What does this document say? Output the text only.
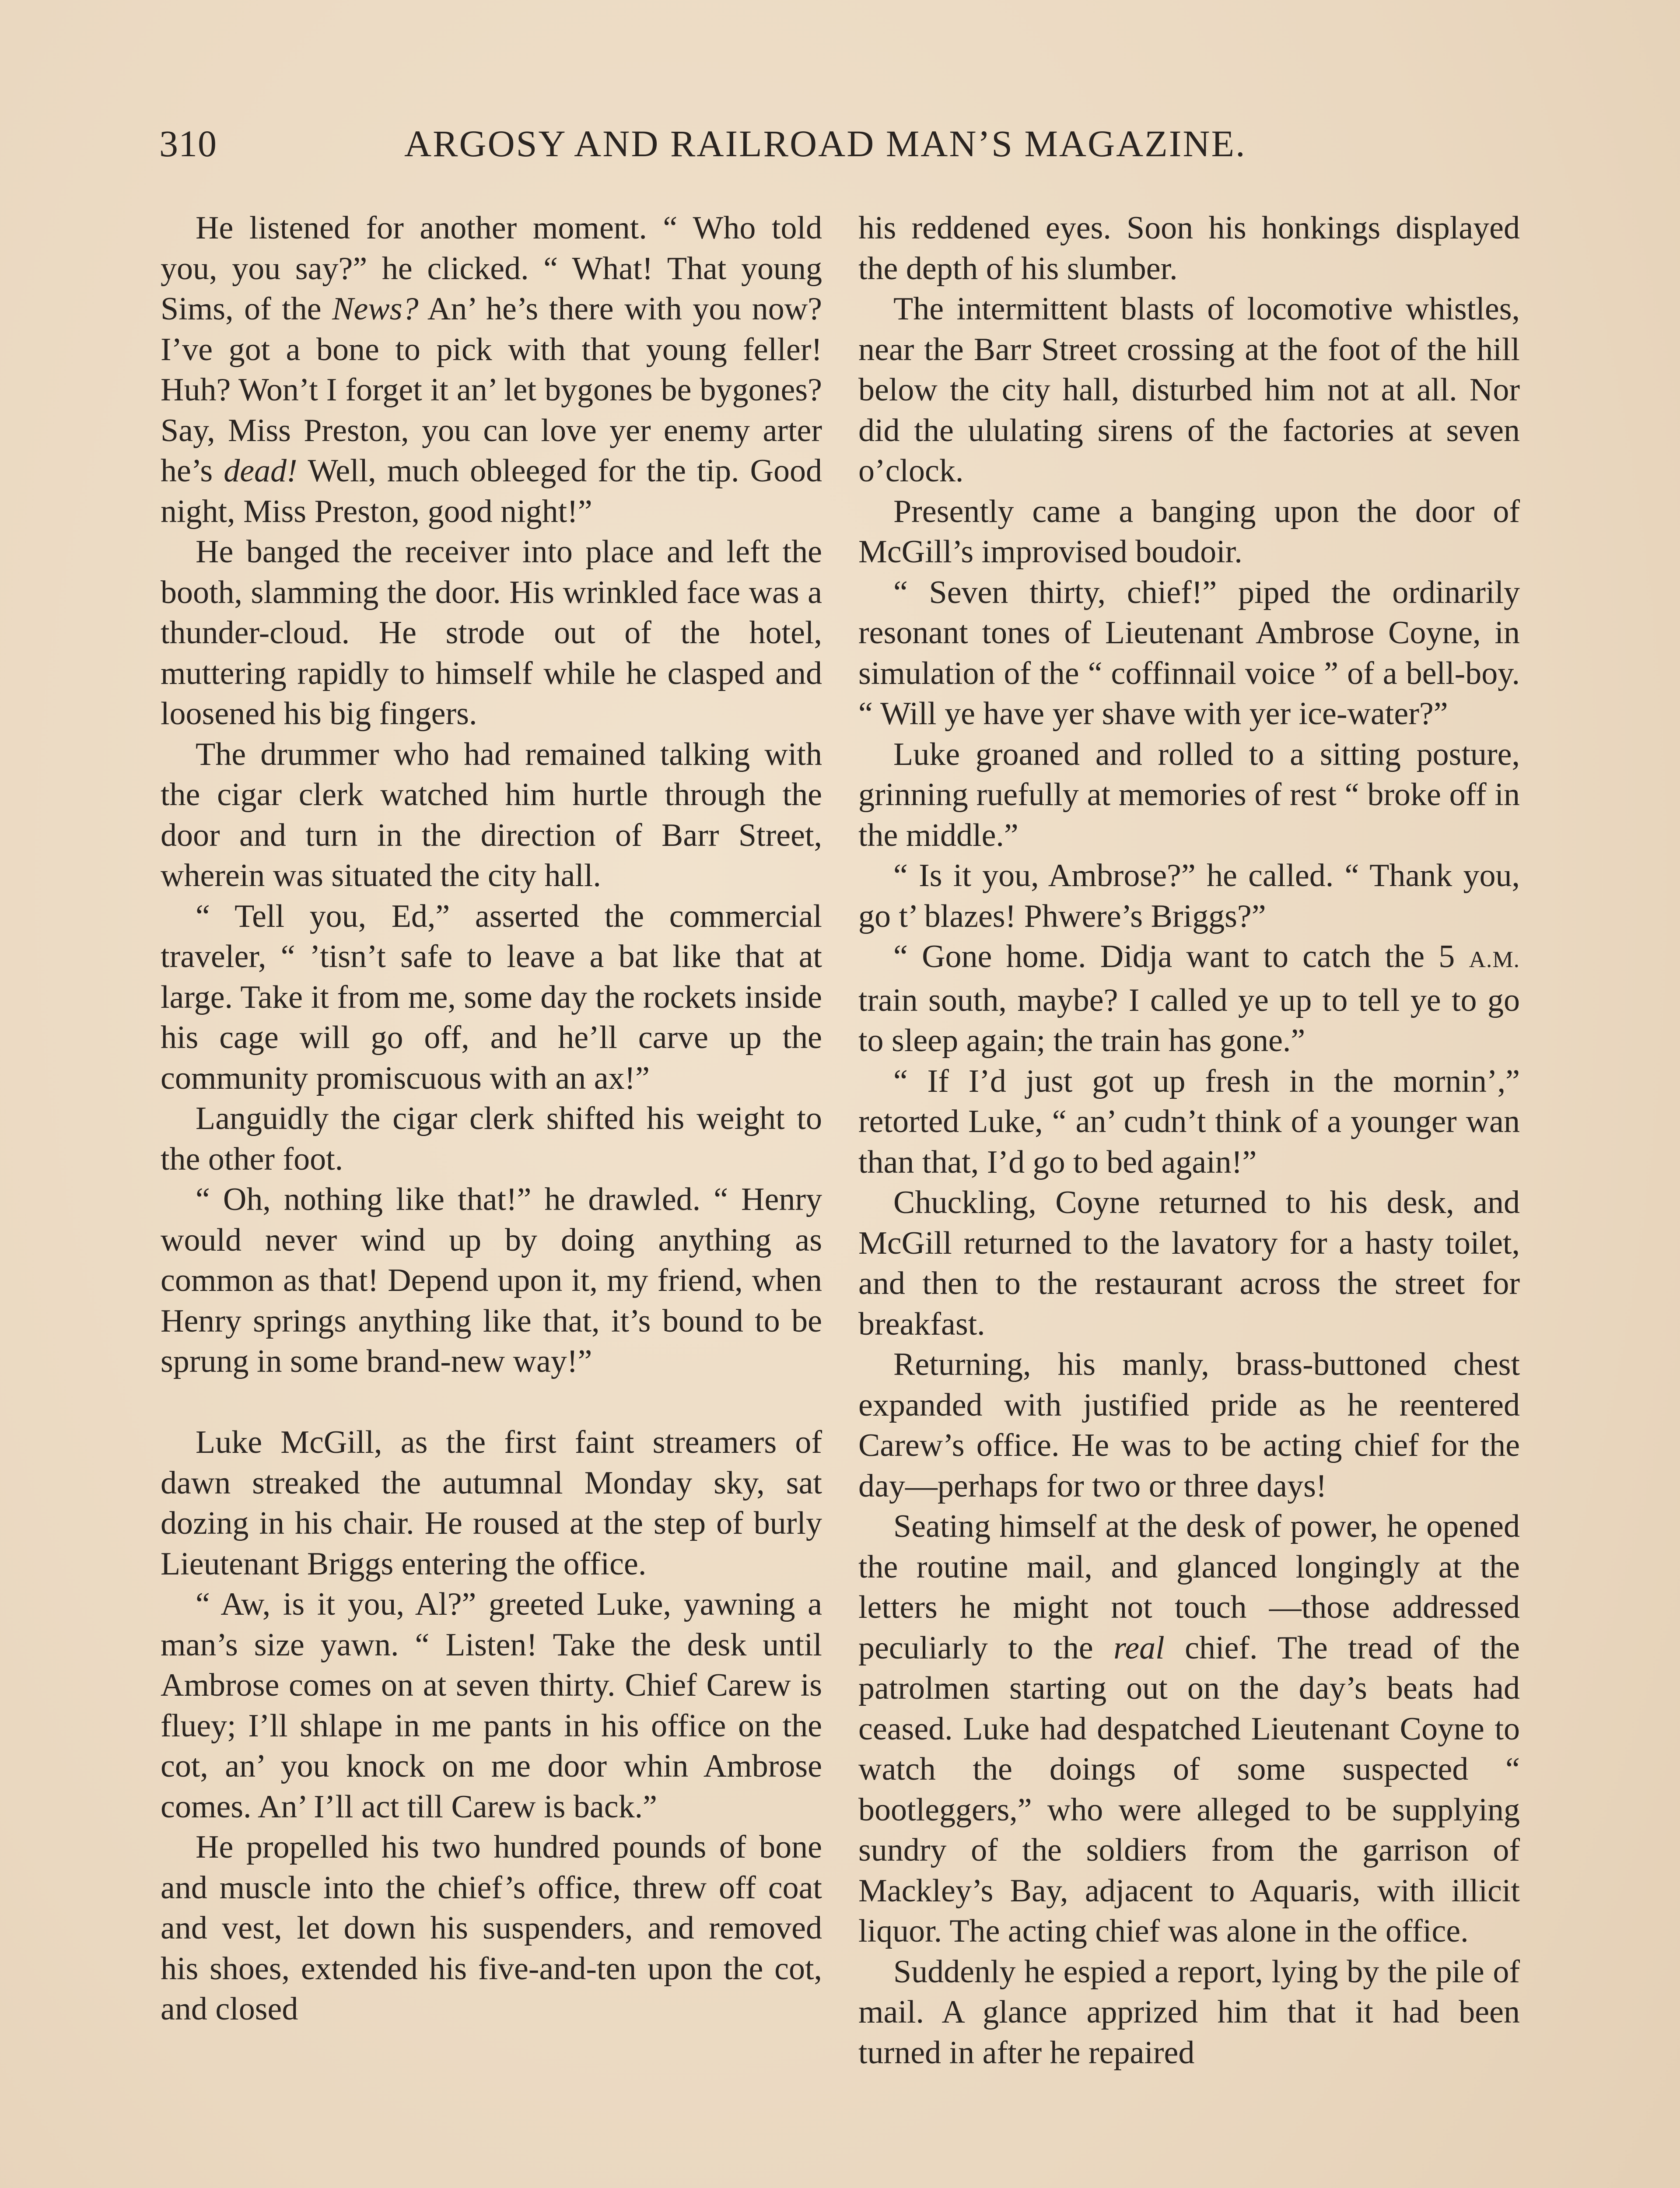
310	ARGOSY AND RAILROAD MAN’S MAGAZINE.

He listened for another moment. “ Who told you, you say?” he clicked. “ What! That young Sims, of the News? An’ he’s there with you now? I’ve got a bone to pick with that young feller! Huh? Won’t I forget it an’ let bygones be bygones? Say, Miss Preston, you can love yer enemy arter he’s dead! Well, much obleeged for the tip. Good night, Miss Preston, good night!”

He banged the receiver into place and left the booth, slamming the door. His wrinkled face was a thunder-cloud. He strode out of the hotel, muttering rapidly to himself while he clasped and loosened his big fingers.

The drummer who had remained talking with the cigar clerk watched him hurtle through the door and turn in the direction of Barr Street, wherein was situated the city hall.

“ Tell you, Ed,” asserted the commercial traveler, “ ’tisn’t safe to leave a bat like that at large. Take it from me, some day the rockets inside his cage will go off, and he’ll carve up the community promiscuous with an ax!”

Languidly the cigar clerk shifted his weight to the other foot.

“ Oh, nothing like that!” he drawled. “ Henry would never wind up by doing anything as common as that! Depend upon it, my friend, when Henry springs anything like that, it’s bound to be sprung in some brand-new way!”

Luke McGill, as the first faint streamers of dawn streaked the autumnal Monday sky, sat dozing in his chair. He roused at the step of burly Lieutenant Briggs entering the office.

“ Aw, is it you, Al?” greeted Luke, yawning a man’s size yawn. “ Listen! Take the desk until Ambrose comes on at seven thirty. Chief Carew is fluey; I’ll shlape in me pants in his office on the cot, an’ you knock on me door whin Ambrose comes. An’ I’ll act till Carew is back.”

He propelled his two hundred pounds of bone and muscle into the chief’s office, threw off coat and vest, let down his suspenders, and removed his shoes, extended his five-and-ten upon the cot, and closed

his reddened eyes. Soon his honkings displayed the depth of his slumber.

The intermittent blasts of locomotive whistles, near the Barr Street crossing at the foot of the hill below the city hall, disturbed him not at all. Nor did the ululating sirens of the factories at seven o’clock.

Presently came a banging upon the door of McGill’s improvised boudoir.

“ Seven thirty, chief!” piped the ordinarily resonant tones of Lieutenant Ambrose Coyne, in simulation of the “ coffinnail voice ” of a bell-boy. “ Will ye have yer shave with yer ice-water?”

Luke groaned and rolled to a sitting posture, grinning ruefully at memories of rest “ broke off in the middle.”

“ Is it you, Ambrose?” he called. “ Thank you, go t’ blazes! Phwere’s Briggs?”

“ Gone home. Didja want to catch the 5 A.M. train south, maybe? I called ye up to tell ye to go to sleep again; the train has gone.”

“ If I’d just got up fresh in the mornin’,” retorted Luke, “ an’ cudn’t think of a younger wan than that, I’d go to bed again!”

Chuckling, Coyne returned to his desk, and McGill returned to the lavatory for a hasty toilet, and then to the restaurant across the street for breakfast.

Returning, his manly, brass-buttoned chest expanded with justified pride as he reentered Carew’s office. He was to be acting chief for the day—perhaps for two or three days!

Seating himself at the desk of power, he opened the routine mail, and glanced longingly at the letters he might not touch —those addressed peculiarly to the real chief. The tread of the patrolmen starting out on the day’s beats had ceased. Luke had despatched Lieutenant Coyne to watch the doings of some suspected “ bootleggers,” who were alleged to be supplying sundry of the soldiers from the garrison of Mackley’s Bay, adjacent to Aquaris, with illicit liquor. The acting chief was alone in the office.

Suddenly he espied a report, lying by the pile of mail. A glance apprized him that it had been turned in after he repaired
